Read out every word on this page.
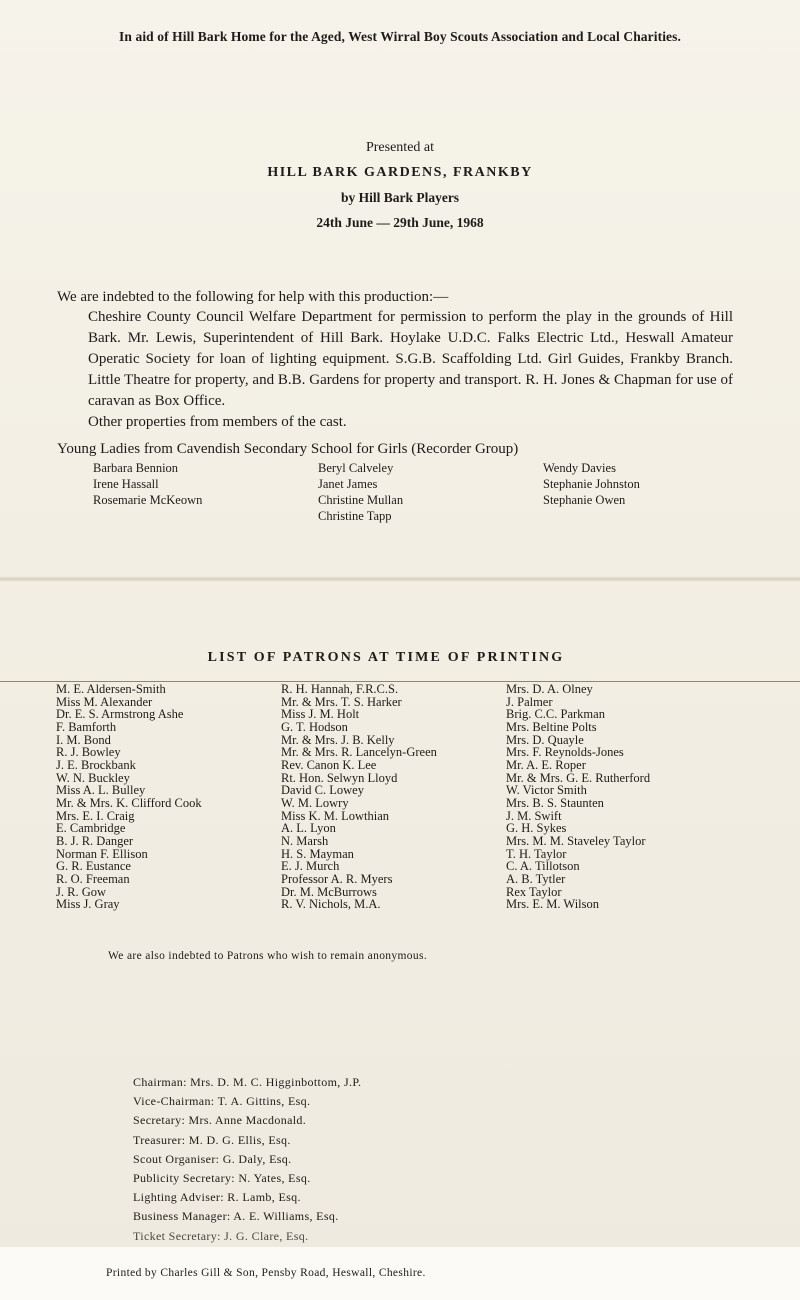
In aid of Hill Bark Home for the Aged, West Wirral Boy Scouts Association and Local Charities.
Presented at
HILL BARK GARDENS, FRANKBY
by Hill Bark Players
24th June — 29th June, 1968
We are indebted to the following for help with this production:—

Cheshire County Council Welfare Department for permission to perform the play in the grounds of Hill Bark. Mr. Lewis, Superintendent of Hill Bark. Hoylake U.D.C. Falks Electric Ltd., Heswall Amateur Operatic Society for loan of lighting equipment. S.G.B. Scaffolding Ltd. Girl Guides, Frankby Branch. Little Theatre for property, and B.B. Gardens for property and transport. R. H. Jones & Chapman for use of caravan as Box Office.

Other properties from members of the cast.

Young Ladies from Cavendish Secondary School for Girls (Recorder Group)
Barbara Bennion
Irene Hassall
Rosemarie McKeown
Beryl Calveley
Janet James
Christine Mullan
Christine Tapp
Wendy Davies
Stephanie Johnston
Stephanie Owen
LIST OF PATRONS AT TIME OF PRINTING
M. E. Aldersen-Smith
Miss M. Alexander
Dr. E. S. Armstrong Ashe
F. Bamforth
I. M. Bond
R. J. Bowley
J. E. Brockbank
W. N. Buckley
Miss A. L. Bulley
Mr. & Mrs. K. Clifford Cook
Mrs. E. I. Craig
E. Cambridge
B. J. R. Danger
Norman F. Ellison
G. R. Eustance
R. O. Freeman
J. R. Gow
Miss J. Gray
R. H. Hannah, F.R.C.S.
Mr. & Mrs. T. S. Harker
Miss J. M. Holt
G. T. Hodson
Mr. & Mrs. J. B. Kelly
Mr. & Mrs. R. Lancelyn-Green
Rev. Canon K. Lee
Rt. Hon. Selwyn Lloyd
David C. Lowey
W. M. Lowry
Miss K. M. Lowthian
A. L. Lyon
N. Marsh
H. S. Mayman
E. J. Murch
Professor A. R. Myers
Dr. M. McBurrows
R. V. Nichols, M.A.
Mrs. D. A. Olney
J. Palmer
Brig. C.C. Parkman
Mrs. Beltine Polts
Mrs. D. Quayle
Mrs. F. Reynolds-Jones
Mr. A. E. Roper
Mr. & Mrs. G. E. Rutherford
W. Victor Smith
Mrs. B. S. Staunten
J. M. Swift
G. H. Sykes
Mrs. M. M. Staveley Taylor
T. H. Taylor
C. A. Tillotson
A. B. Tytler
Rex Taylor
Mrs. E. M. Wilson
We are also indebted to Patrons who wish to remain anonymous.
Chairman: Mrs. D. M. C. Higginbottom, J.P.
Vice-Chairman: T. A. Gittins, Esq.
Secretary: Mrs. Anne Macdonald.
Treasurer: M. D. G. Ellis, Esq.
Scout Organiser: G. Daly, Esq.
Publicity Secretary: N. Yates, Esq.
Lighting Adviser: R. Lamb, Esq.
Business Manager: A. E. Williams, Esq.
Ticket Secretary: J. G. Clare, Esq.
Printed by Charles Gill & Son, Pensby Road, Heswall, Cheshire.
